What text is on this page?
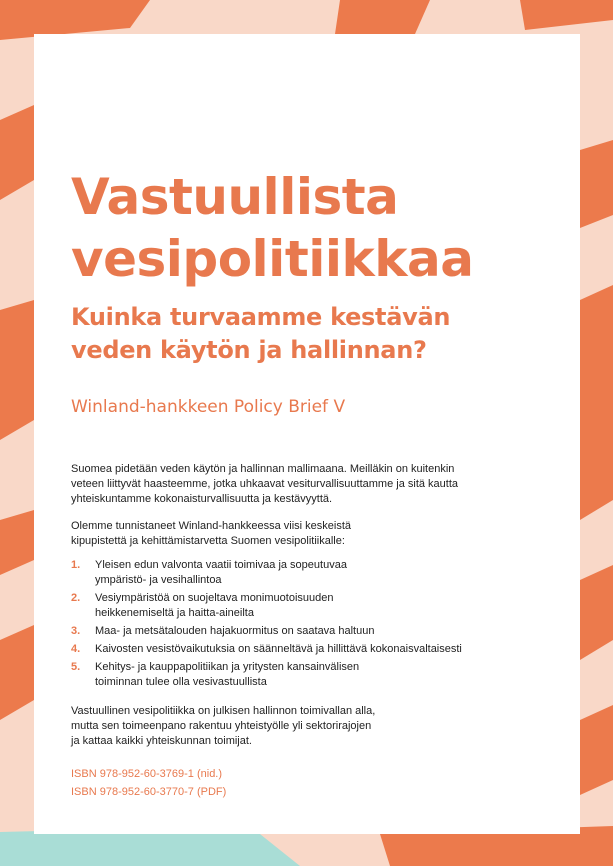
Vastuullista
vesipolitiikkaa
Kuinka turvaamme kestävän
veden käytön ja hallinnan?

Winland-hankkeen Policy Brief V

Suomea pidetään veden käytön ja hallinnan mallimaana. Meilläkin on kuitenkin
veteen liittyvät haasteemme, jotka uhkaavat vesiturvallisuuttamme ja sitä kautta
yhteiskuntamme kokonaisturvallisuutta ja kestävyyttä.

Olemme tunnistaneet Winland-hankkeessa viisi keskeistä
kipupistettä ja kehittämistarvetta Suomen vesipolitiikalle:

1. Yleisen edun valvonta vaatii toimivaa ja sopeutuvaa
ympäristö- ja vesihallintoa
2. Vesiympäristöä on suojeltava monimuotoisuuden
heikkenemiseltä ja haitta-aineilta
3. Maa- ja metsätalouden hajakuormitus on saatava haltuun
4. Kaivosten vesistövaikutuksia on säänneltävä ja hillittävä kokonaisvaltaisesti
5. Kehitys- ja kauppapolitiikan ja yritysten kansainvälisen
toiminnan tulee olla vesivastuullista

Vastuullinen vesipolitiikka on julkisen hallinnon toimivallan alla,
mutta sen toimeenpano rakentuu yhteistyölle yli sektorirajojen
ja kattaa kaikki yhteiskunnan toimijat.

ISBN 978-952-60-3769-1 (nid.)

ISBN 978-952-60-3770-7 (PDF)
